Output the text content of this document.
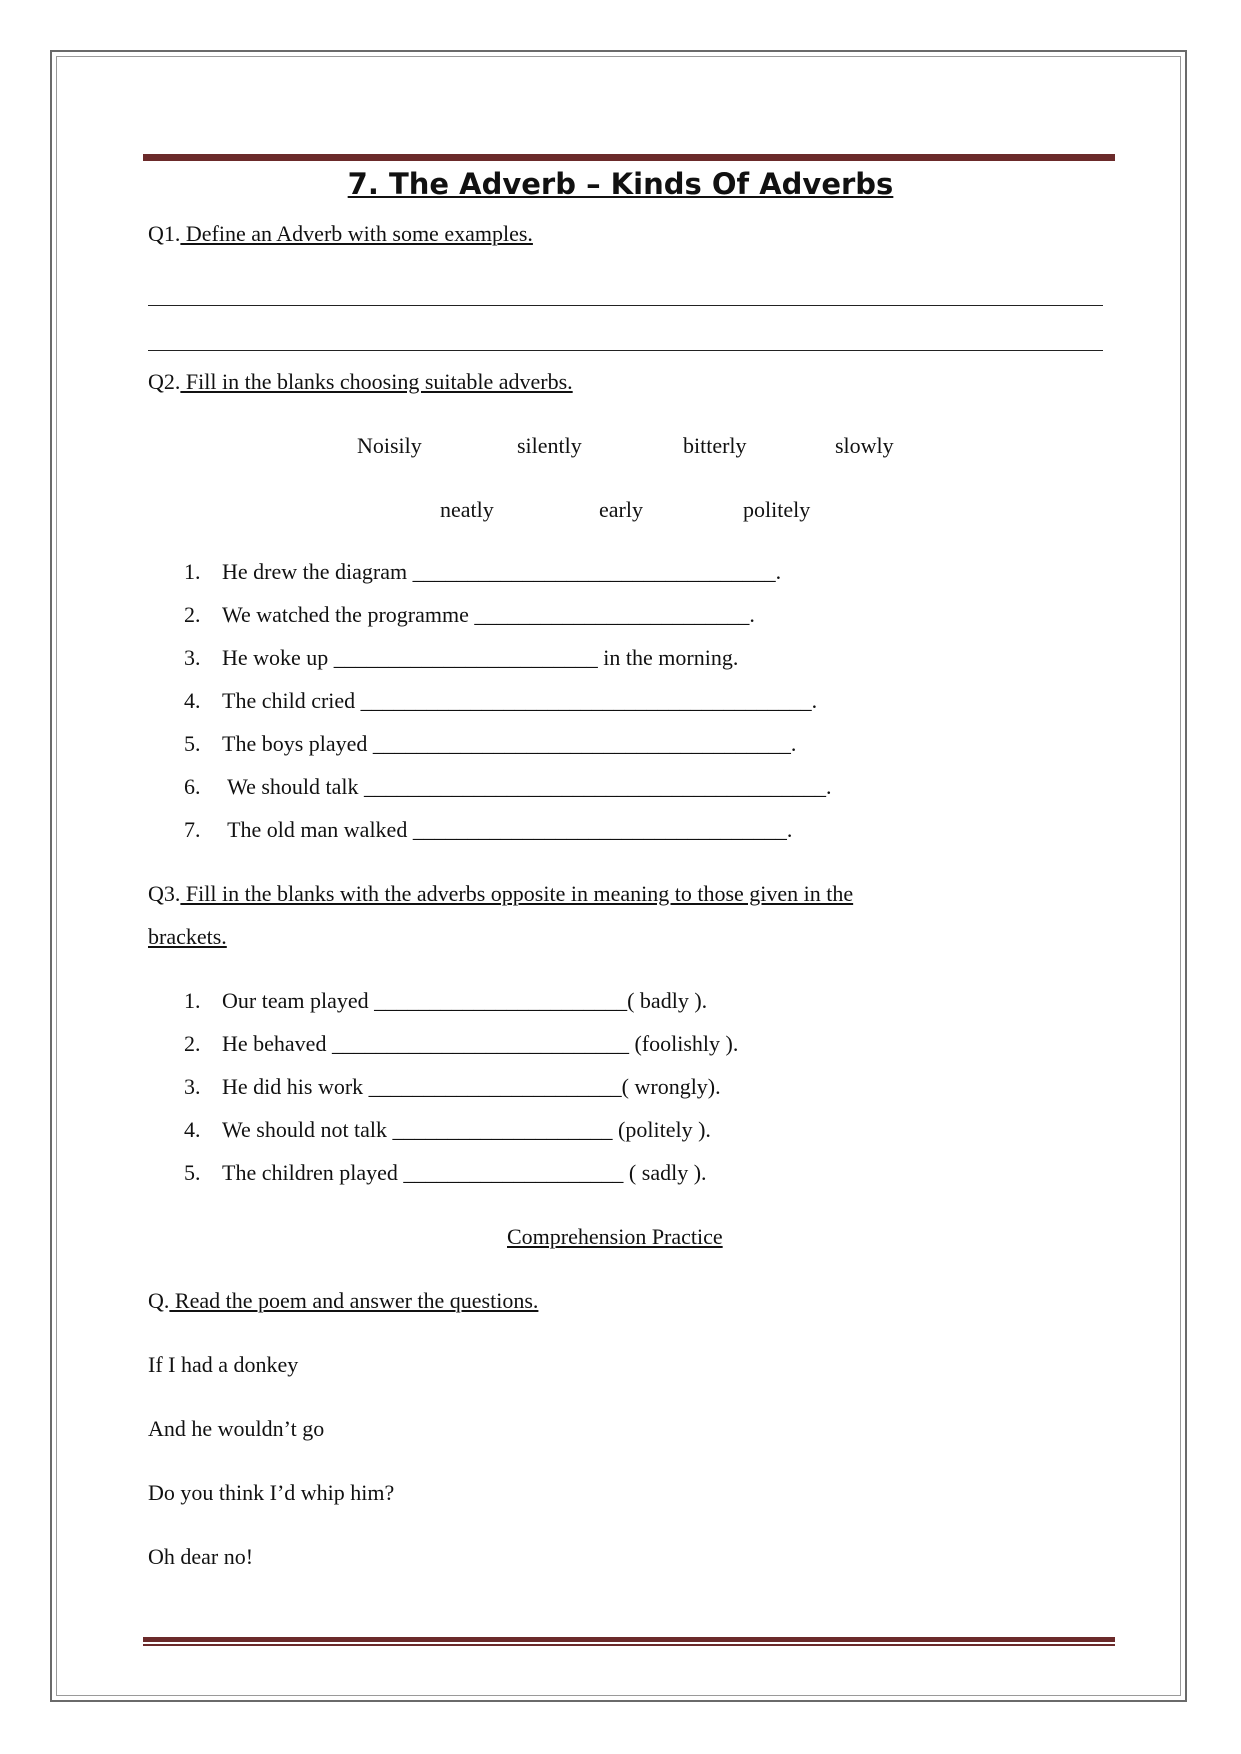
7. The Adverb – Kinds Of Adverbs
Q1. Define an Adverb with some examples.
Q2. Fill in the blanks choosing suitable adverbs.
Noisily	silently	bitterly	slowly
neatly	early	politely
1. He drew the diagram _________________________________.
2. We watched the programme _________________________.
3. He woke up ________________________ in the morning.
4. The child cried _________________________________________.
5. The boys played ______________________________________.
6. We should talk __________________________________________.
7. The old man walked __________________________________.
Q3. Fill in the blanks with the adverbs opposite in meaning to those given in the
brackets.
1. Our team played _______________________( badly ).
2. He behaved ___________________________ (foolishly ).
3. He did his work _______________________( wrongly).
4. We should not talk ____________________ (politely ).
5. The children played ____________________ ( sadly ).
Comprehension Practice
Q. Read the poem and answer the questions.
If I had a donkey
And he wouldn’t go
Do you think I’d whip him?
Oh dear no!
